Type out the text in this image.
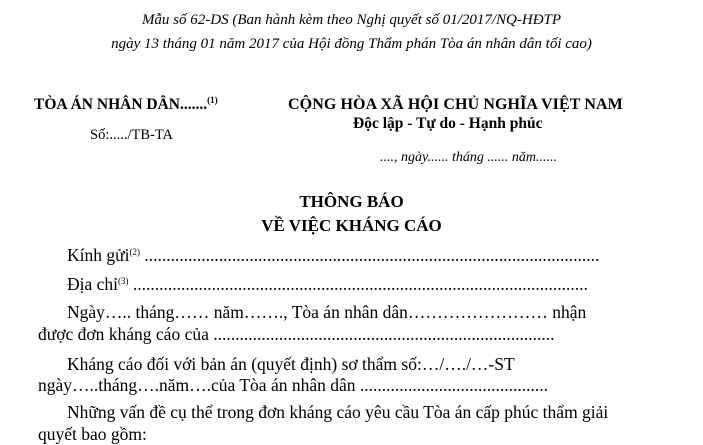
Mẫu số 62-DS (Ban hành kèm theo Nghị quyết số 01/2017/NQ-HĐTP
ngày 13 tháng 01 năm 2017 của Hội đồng Thẩm phán Tòa án nhân dân tối cao)
TÒA ÁN NHÂN DÂN.......$^{(1)}$
Số:...../TB-TA
CỘNG HÒA XÃ HỘI CHỦ NGHĨA VIỆT NAM
Độc lập - Tự do - Hạnh phúc
...., ngày...... tháng ...... năm......
THÔNG BÁO
VỀ VIỆC KHÁNG CÁO
Kính gửi$^{(2)}$ ........................................................................................................
Địa chỉ$^{(3)}$ ........................................................................................................
Ngày….. tháng…… năm……., Tòa án nhân dân…………………… nhận
được đơn kháng cáo của ..............................................................................
Kháng cáo đối với bản án (quyết định) sơ thẩm số:…/…./…-ST
ngày…..tháng….năm….của Tòa án nhân dân ...........................................
Những vấn đề cụ thể trong đơn kháng cáo yêu cầu Tòa án cấp phúc thẩm giải
quyết bao gồm:
